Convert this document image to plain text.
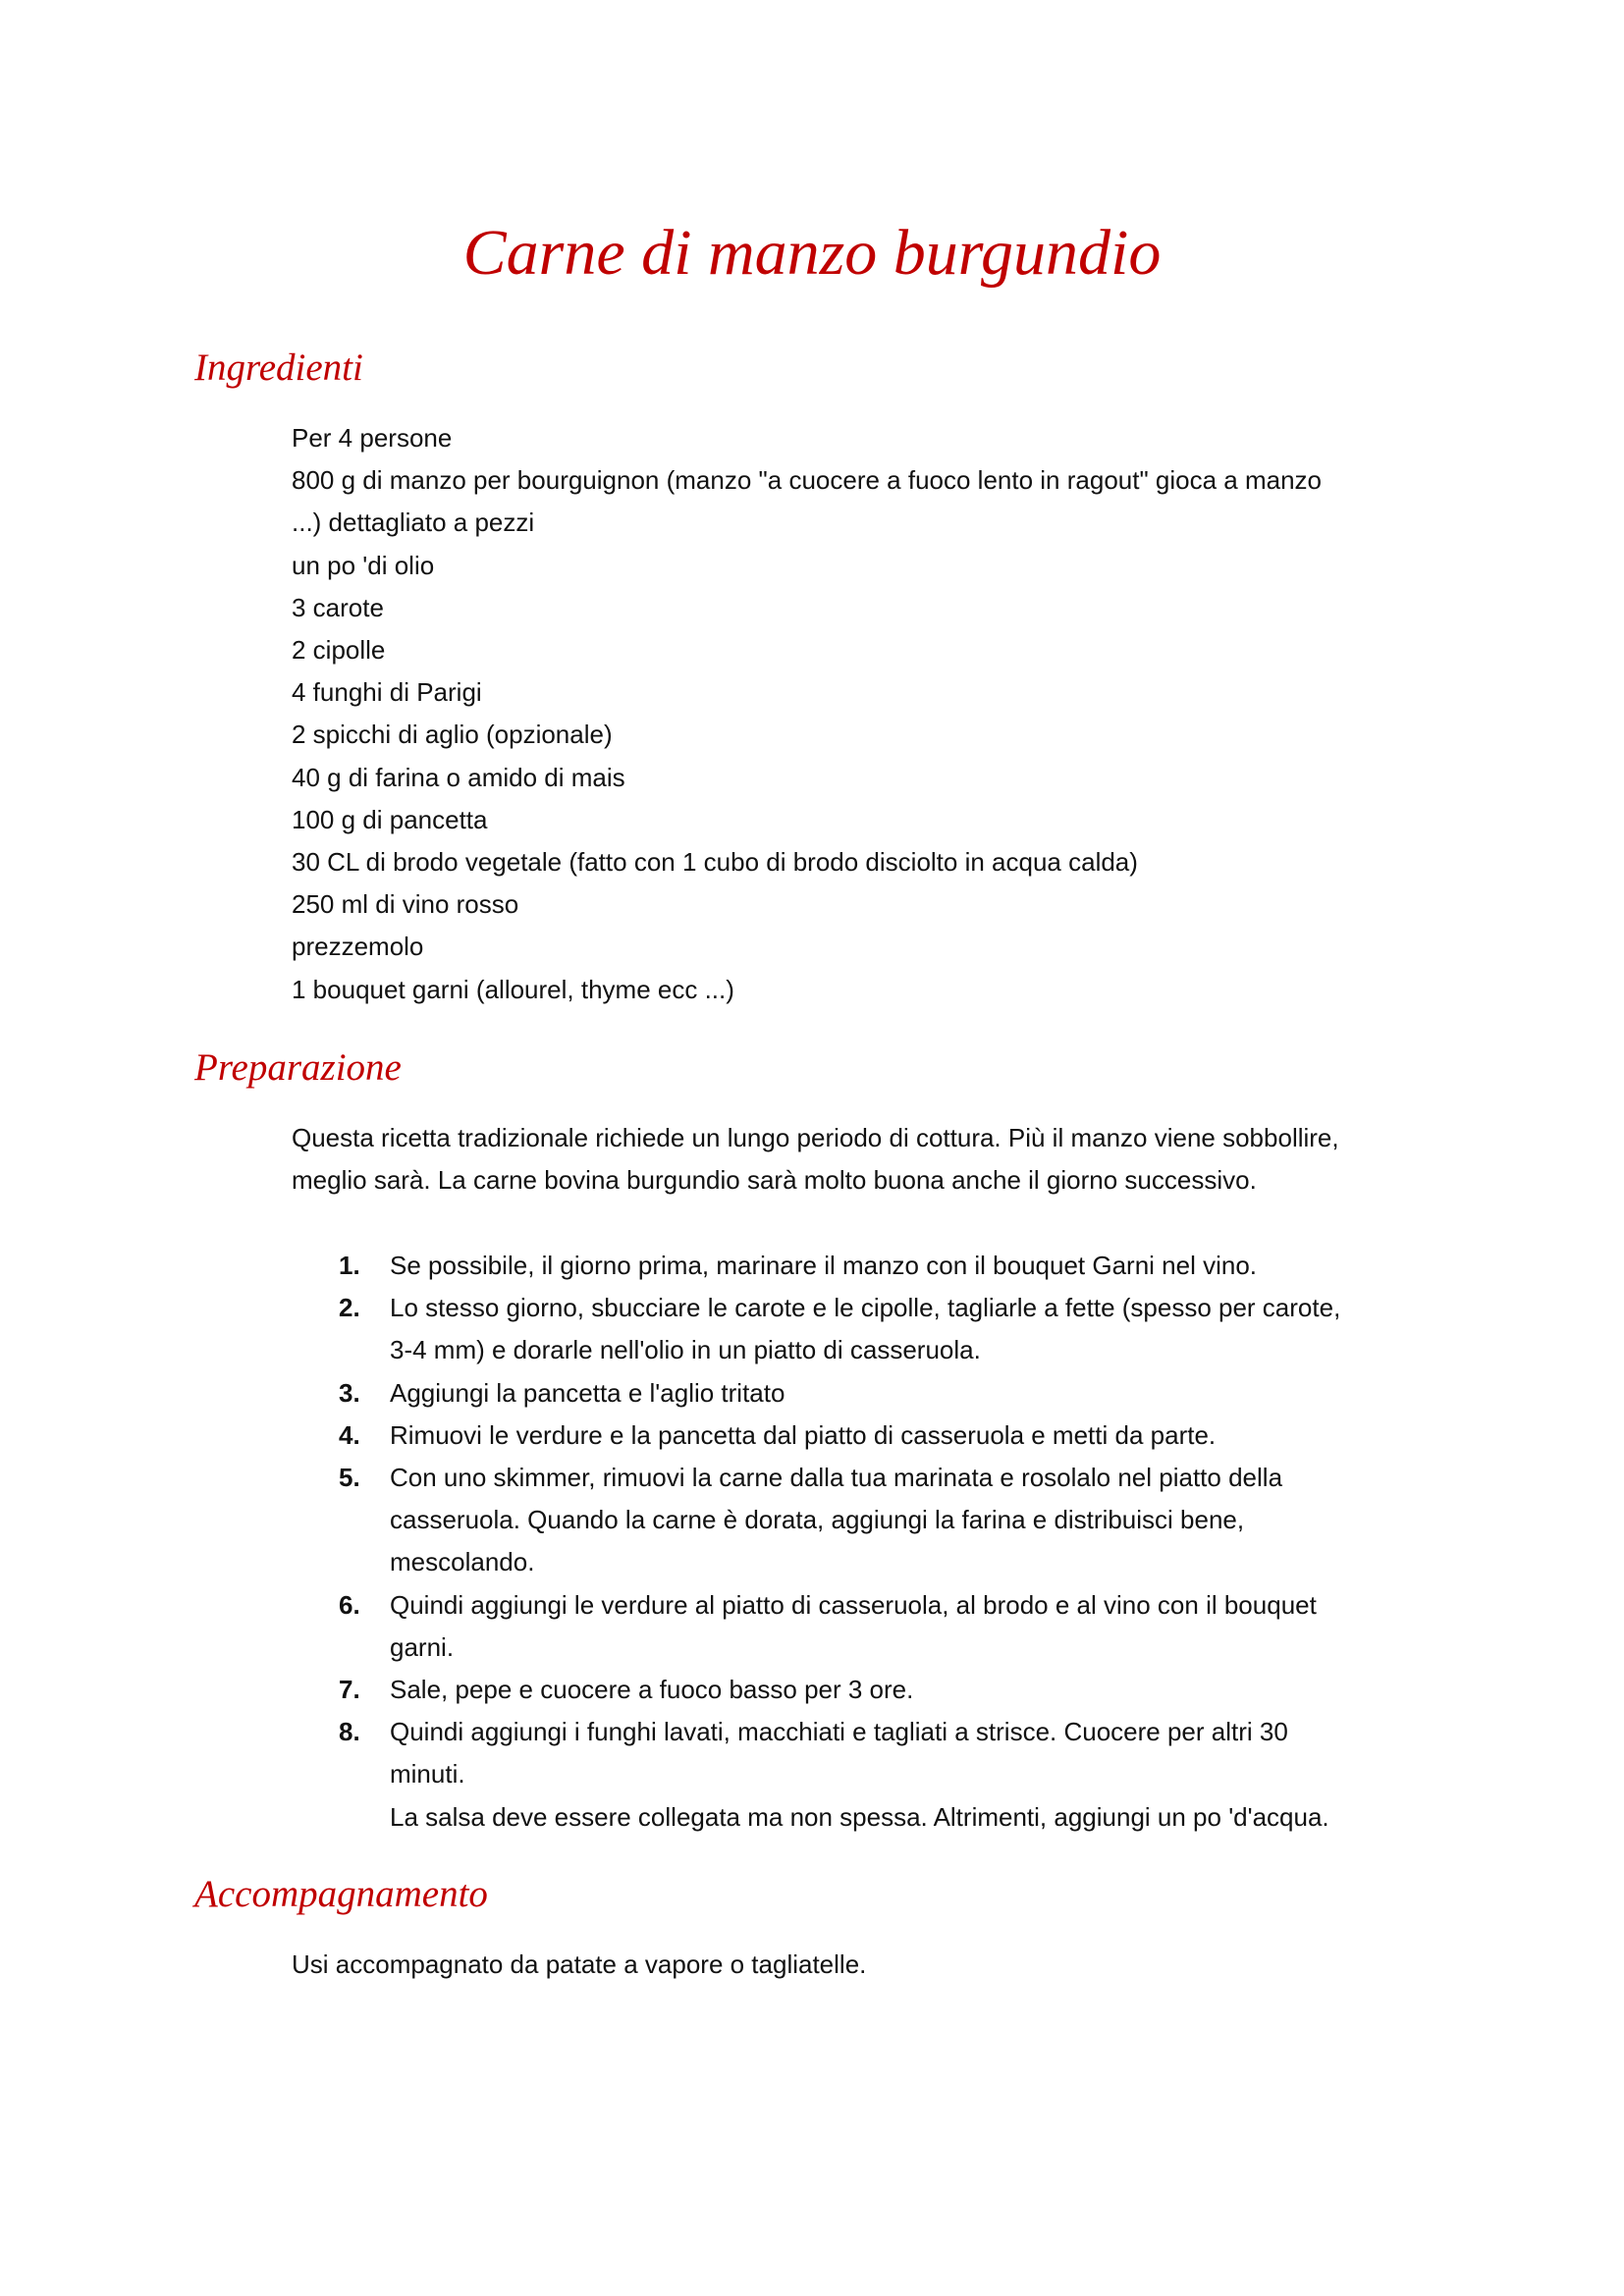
Carne di manzo burgundio
Ingredienti
Per 4 persone
800 g di manzo per bourguignon (manzo "a cuocere a fuoco lento in ragout" gioca a manzo
...) dettagliato a pezzi
un po 'di olio
3 carote
2 cipolle
4 funghi di Parigi
2 spicchi di aglio (opzionale)
40 g di farina o amido di mais
100 g di pancetta
30 CL di brodo vegetale (fatto con 1 cubo di brodo disciolto in acqua calda)
250 ml di vino rosso
prezzemolo
1 bouquet garni (allourel, thyme ecc ...)
Preparazione
Questa ricetta tradizionale richiede un lungo periodo di cottura. Più il manzo viene sobbollire,
meglio sarà. La carne bovina burgundio sarà molto buona anche il giorno successivo.
1. Se possibile, il giorno prima, marinare il manzo con il bouquet Garni nel vino.
2. Lo stesso giorno, sbucciare le carote e le cipolle, tagliarle a fette (spesso per carote,
3-4 mm) e dorarle nell'olio in un piatto di casseruola.
3. Aggiungi la pancetta e l'aglio tritato
4. Rimuovi le verdure e la pancetta dal piatto di casseruola e metti da parte.
5. Con uno skimmer, rimuovi la carne dalla tua marinata e rosolalo nel piatto della
casseruola. Quando la carne è dorata, aggiungi la farina e distribuisci bene,
mescolando.
6. Quindi aggiungi le verdure al piatto di casseruola, al brodo e al vino con il bouquet
garni.
7. Sale, pepe e cuocere a fuoco basso per 3 ore.
8. Quindi aggiungi i funghi lavati, macchiati e tagliati a strisce. Cuocere per altri 30
minuti.
La salsa deve essere collegata ma non spessa. Altrimenti, aggiungi un po 'd'acqua.
Accompagnamento
Usi accompagnato da patate a vapore o tagliatelle.
